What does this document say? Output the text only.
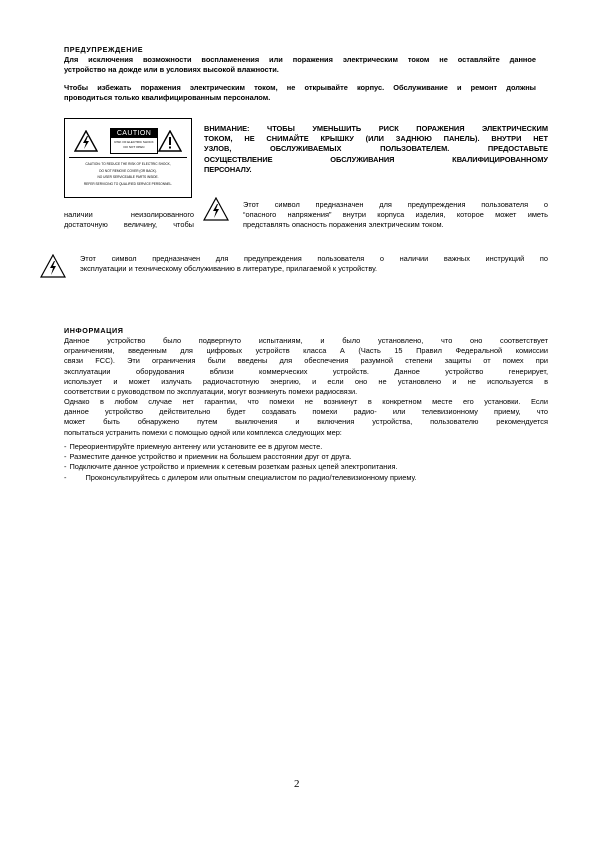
ПРЕДУПРЕЖДЕНИЕ
Для исключения возможности воспламенения или поражения электрическим током не оставляйте данное
устройство на дожде или в условиях высокой влажности.
Чтобы избежать поражения электрическим током, не открывайте корпус. Обслуживание и ремонт должны
проводиться только квалифицированным персоналом.
CAUTION
RISK OF ELECTRIC SHOCK
DO NOT OPEN
CAUTION: TO REDUCE THE RISK OF ELECTRIC SHOCK,
DO NOT REMOVE COVER (OR BACK).
NO USER SERVICEABLE PARTS INSIDE.
REFER SERVICING TO QUALIFIED SERVICE PERSONNEL.
ВНИМАНИЕ: ЧТОБЫ УМЕНЬШИТЬ РИСК ПОРАЖЕНИЯ ЭЛЕКТРИЧЕСКИМ
ТОКОМ, НЕ СНИМАЙТЕ КРЫШКУ (ИЛИ ЗАДНЮЮ ПАНЕЛЬ). ВНУТРИ НЕТ
УЗЛОВ, ОБСЛУЖИВАЕМЫХ ПОЛЬЗОВАТЕЛЕМ. ПРЕДОСТАВЬТЕ
ОСУЩЕСТВЛЕНИЕ ОБСЛУЖИВАНИЯ КВАЛИФИЦИРОВАННОМУ
ПЕРСОНАЛУ.
Этот символ предназначен для предупреждения пользователя о
“опасного напряжения” внутри корпуса изделия, которое может иметь
представлять опасность поражения электрическим током.
наличии неизолированного
достаточную величину, чтобы
Этот символ предназначен для предупреждения пользователя о наличии важных инструкций по
эксплуатации и техническому обслуживанию в литературе, прилагаемой к устройству.
ИНФОРМАЦИЯ
Данное устройство было подвергнуто испытаниям, и было установлено, что оно соответствует
ограничениям, введенным для цифровых устройств класса А (Часть 15 Правил Федеральной комиссии
связи FCC). Эти ограничения были введены для обеспечения разумной степени защиты от помех при
эксплуатации оборудования вблизи коммерческих устройств. Данное устройство генерирует,
использует и может излучать радиочастотную энергию, и если оно не установлено и не используется в
соответствии с руководством по эксплуатации, могут возникнуть помехи радиосвязи.
Однако в любом случае нет гарантии, что помехи не возникнут в конкретном месте его установки. Если
данное устройство действительно будет создавать помехи радио- или телевизионному приему, что
может быть обнаружено путем выключения и включения устройства, пользователю рекомендуется
попытаться устранить помехи с помощью одной или комплекса следующих мер:
- Переориентируйте приемную антенну или установите ее в другом месте.
- Разместите данное устройство и приемник на большем расстоянии друг от друга.
- Подключите данное устройство и приемник к сетевым розеткам разных цепей электропитания.
-	Проконсультируйтесь с дилером или опытным специалистом по радио/телевизионному приему.
2
